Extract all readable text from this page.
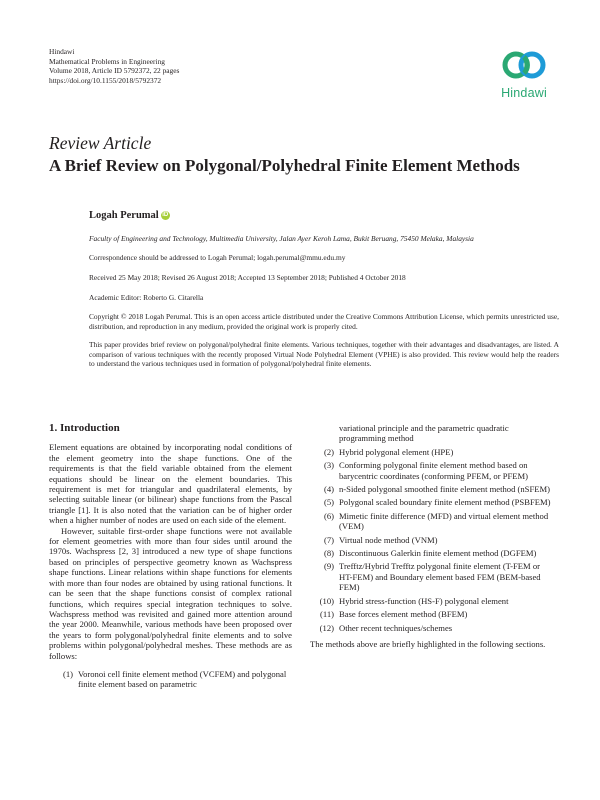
Hindawi
Mathematical Problems in Engineering
Volume 2018, Article ID 5792372, 22 pages
https://doi.org/10.1155/2018/5792372
Hindawi
Review Article
A Brief Review on Polygonal/Polyhedral Finite Element Methods
Logah Perumal iD
Faculty of Engineering and Technology, Multimedia University, Jalan Ayer Keroh Lama, Bukit Beruang, 75450 Melaka, Malaysia
Correspondence should be addressed to Logah Perumal; logah.perumal@mmu.edu.my
Received 25 May 2018; Revised 26 August 2018; Accepted 13 September 2018; Published 4 October 2018
Academic Editor: Roberto G. Citarella
Copyright © 2018 Logah Perumal. This is an open access article distributed under the Creative Commons Attribution License, which permits unrestricted use, distribution, and reproduction in any medium, provided the original work is properly cited.
This paper provides brief review on polygonal/polyhedral finite elements. Various techniques, together with their advantages and disadvantages, are listed. A comparison of various techniques with the recently proposed Virtual Node Polyhedral Element (VPHE) is also provided. This review would help the readers to understand the various techniques used in formation of polygonal/polyhedral finite elements.
1. Introduction

Element equations are obtained by incorporating nodal conditions of the element geometry into the shape functions. One of the requirements is that the field variable obtained from the element equations should be linear on the element boundaries. This requirement is met for triangular and quadrilateral elements, by selecting suitable linear (or bilinear) shape functions from the Pascal triangle [1]. It is also noted that the variation can be of higher order when a higher number of nodes are used on each side of the element.

However, suitable first-order shape functions were not available for element geometries with more than four sides until around the 1970s. Wachspress [2, 3] introduced a new type of shape functions based on principles of perspective geometry known as Wachspress shape functions. Linear relations within shape functions for elements with more than four nodes are obtained by using rational functions. It can be seen that the shape functions consist of complex rational functions, which requires special integration techniques to solve. Wachspress method was revisited and gained more attention around the year 2000. Meanwhile, various methods have been proposed over the years to form polygonal/polyhedral finite elements and to solve problems within polygonal/polyhedral meshes. These methods are as follows:

(1) Voronoi cell finite element method (VCFEM) and polygonal finite element based on parametric

variational principle and the parametric quadratic programming method

(2) Hybrid polygonal element (HPE)
(3) Conforming polygonal finite element method based on barycentric coordinates (conforming PFEM, or PFEM)
(4) n-Sided polygonal smoothed finite element method (nSFEM)
(5) Polygonal scaled boundary finite element method (PSBFEM)
(6) Mimetic finite difference (MFD) and virtual element method (VEM)
(7) Virtual node method (VNM)
(8) Discontinuous Galerkin finite element method (DGFEM)
(9) Trefftz/Hybrid Trefftz polygonal finite element (T-FEM or HT-FEM) and Boundary element based FEM (BEM-based FEM)
(10) Hybrid stress-function (HS-F) polygonal element
(11) Base forces element method (BFEM)
(12) Other recent techniques/schemes

The methods above are briefly highlighted in the following sections.
